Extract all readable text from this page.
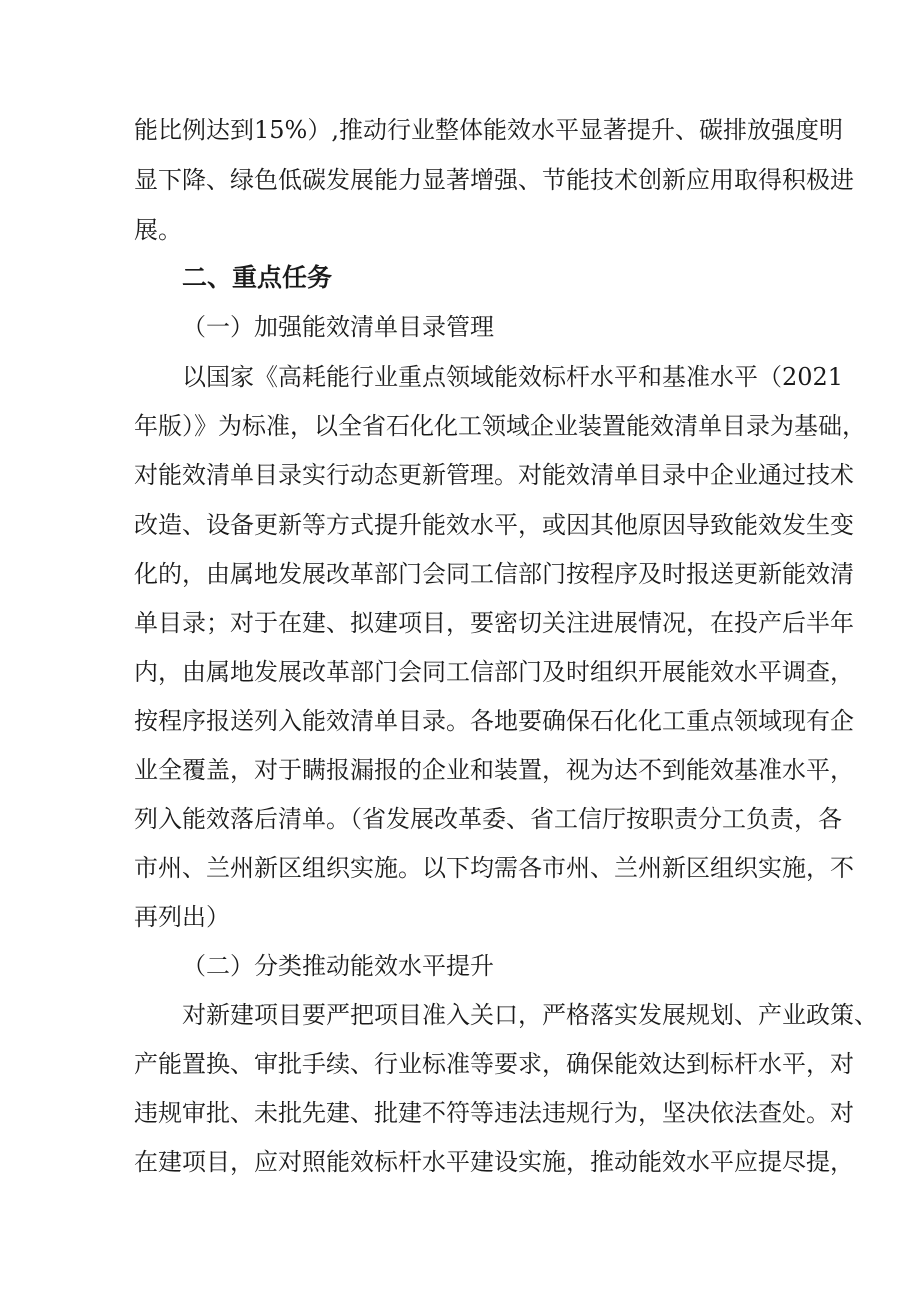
能比例达到15%）,推动行业整体能效水平显著提升、碳排放强度明
显下降、绿色低碳发展能力显著增强、节能技术创新应用取得积极进
展。
二、重点任务
（一）加强能效清单目录管理
以国家《高耗能行业重点领域能效标杆水平和基准水平（2021
年版）》为标准，以全省石化化工领域企业装置能效清单目录为基础，
对能效清单目录实行动态更新管理。对能效清单目录中企业通过技术
改造、设备更新等方式提升能效水平，或因其他原因导致能效发生变
化的，由属地发展改革部门会同工信部门按程序及时报送更新能效清
单目录；对于在建、拟建项目，要密切关注进展情况，在投产后半年
内，由属地发展改革部门会同工信部门及时组织开展能效水平调查，
按程序报送列入能效清单目录。各地要确保石化化工重点领域现有企
业全覆盖，对于瞒报漏报的企业和装置，视为达不到能效基准水平，
列入能效落后清单。（省发展改革委、省工信厅按职责分工负责，各
市州、兰州新区组织实施。以下均需各市州、兰州新区组织实施，不
再列出）
（二）分类推动能效水平提升
对新建项目要严把项目准入关口，严格落实发展规划、产业政策、
产能置换、审批手续、行业标准等要求，确保能效达到标杆水平，对
违规审批、未批先建、批建不符等违法违规行为，坚决依法查处。对
在建项目，应对照能效标杆水平建设实施，推动能效水平应提尽提，
